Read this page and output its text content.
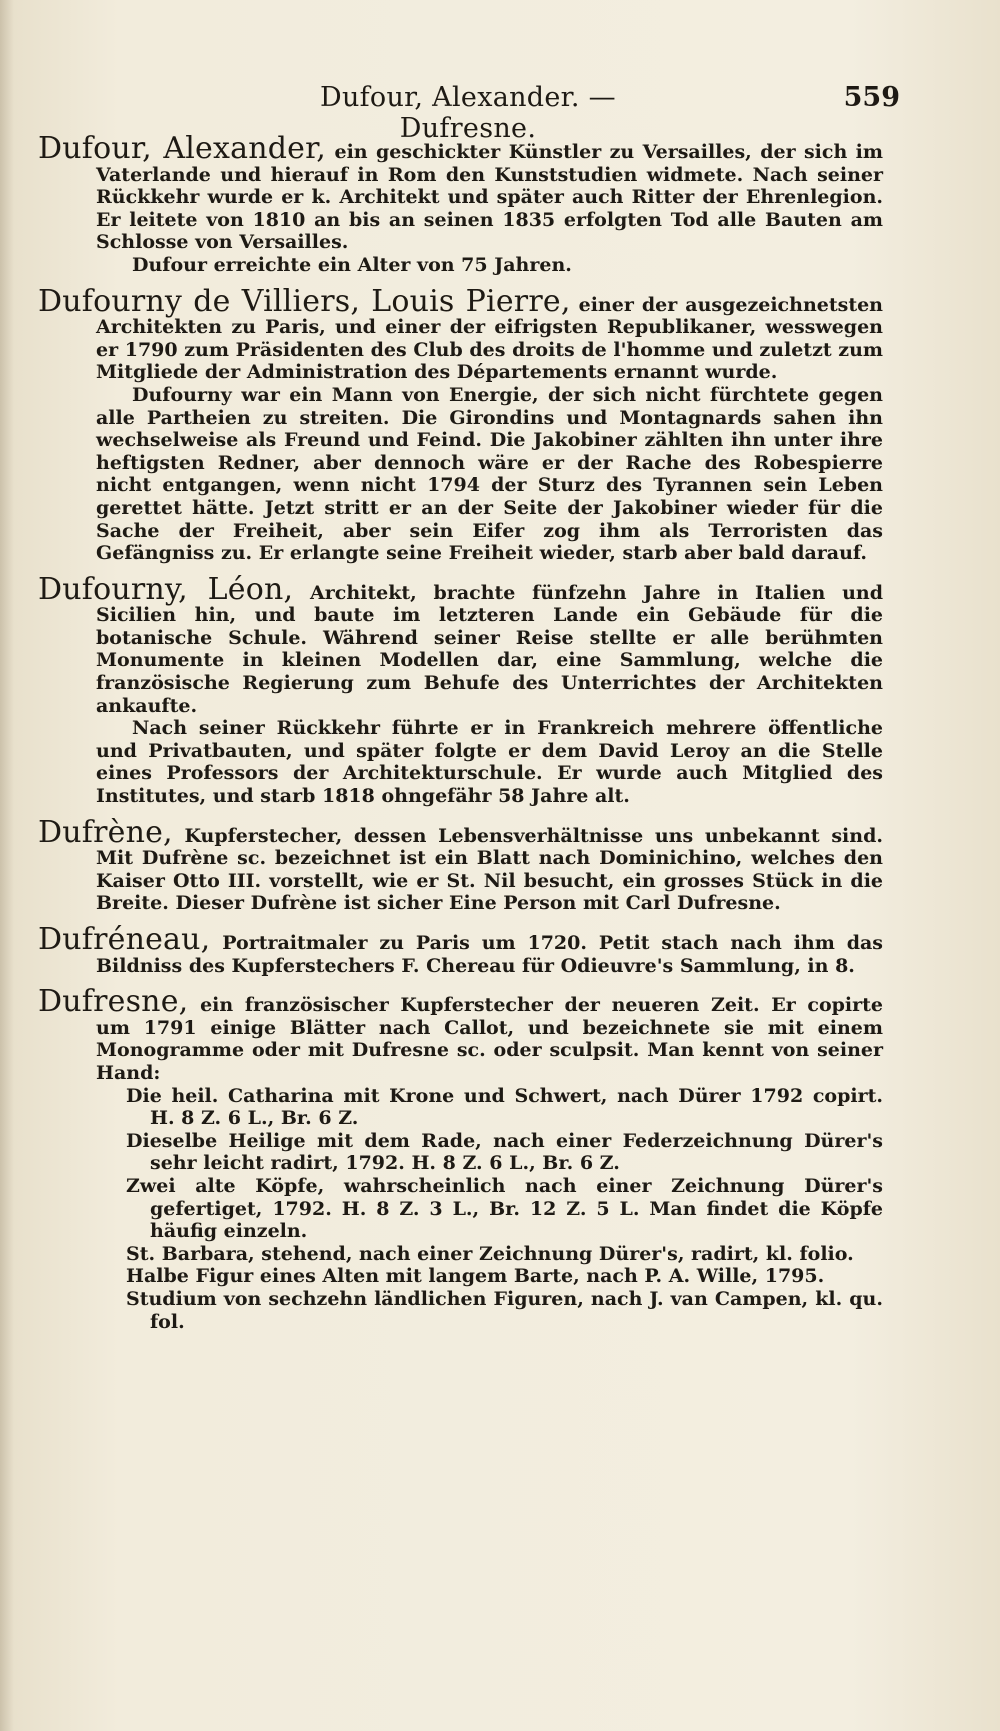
Dufour, Alexander. — Dufresne.
559

Dufour, Alexander, ein geschickter Künstler zu Versailles, der sich im Vaterlande und hierauf in Rom den Kunststudien widmete. Nach seiner Rückkehr wurde er k. Architekt und später auch Ritter der Ehrenlegion. Er leitete von 1810 an bis an seinen 1835 erfolgten Tod alle Bauten am Schlosse von Versailles.

Dufour erreichte ein Alter von 75 Jahren.

Dufourny de Villiers, Louis Pierre, einer der ausgezeichnetsten Architekten zu Paris, und einer der eifrigsten Republikaner, wesswegen er 1790 zum Präsidenten des Club des droits de l'homme und zuletzt zum Mitgliede der Administration des Départements ernannt wurde.

Dufourny war ein Mann von Energie, der sich nicht fürchtete gegen alle Partheien zu streiten. Die Girondins und Montagnards sahen ihn wechselweise als Freund und Feind. Die Jakobiner zählten ihn unter ihre heftigsten Redner, aber dennoch wäre er der Rache des Robespierre nicht entgangen, wenn nicht 1794 der Sturz des Tyrannen sein Leben gerettet hätte. Jetzt stritt er an der Seite der Jakobiner wieder für die Sache der Freiheit, aber sein Eifer zog ihm als Terroristen das Gefängniss zu. Er erlangte seine Freiheit wieder, starb aber bald darauf.

Dufourny, Léon, Architekt, brachte fünfzehn Jahre in Italien und Sicilien hin, und baute im letzteren Lande ein Gebäude für die botanische Schule. Während seiner Reise stellte er alle berühmten Monumente in kleinen Modellen dar, eine Sammlung, welche die französische Regierung zum Behufe des Unterrichtes der Architekten ankaufte.

Nach seiner Rückkehr führte er in Frankreich mehrere öffentliche und Privatbauten, und später folgte er dem David Leroy an die Stelle eines Professors der Architekturschule. Er wurde auch Mitglied des Institutes, und starb 1818 ohngefähr 58 Jahre alt.

Dufrène, Kupferstecher, dessen Lebensverhältnisse uns unbekannt sind. Mit Dufrène sc. bezeichnet ist ein Blatt nach Dominichino, welches den Kaiser Otto III. vorstellt, wie er St. Nil besucht, ein grosses Stück in die Breite. Dieser Dufrène ist sicher Eine Person mit Carl Dufresne.

Dufréneau, Portraitmaler zu Paris um 1720. Petit stach nach ihm das Bildniss des Kupferstechers F. Chereau für Odieuvre's Sammlung, in 8.

Dufresne, ein französischer Kupferstecher der neueren Zeit. Er copirte um 1791 einige Blätter nach Callot, und bezeichnete sie mit einem Monogramme oder mit Dufresne sc. oder sculpsit. Man kennt von seiner Hand:

Die heil. Catharina mit Krone und Schwert, nach Dürer 1792 copirt. H. 8 Z. 6 L., Br. 6 Z.

Dieselbe Heilige mit dem Rade, nach einer Federzeichnung Dürer's sehr leicht radirt, 1792. H. 8 Z. 6 L., Br. 6 Z.

Zwei alte Köpfe, wahrscheinlich nach einer Zeichnung Dürer's gefertiget, 1792. H. 8 Z. 3 L., Br. 12 Z. 5 L. Man findet die Köpfe häufig einzeln.

St. Barbara, stehend, nach einer Zeichnung Dürer's, radirt, kl. folio.

Halbe Figur eines Alten mit langem Barte, nach P. A. Wille, 1795.

Studium von sechzehn ländlichen Figuren, nach J. van Campen, kl. qu. fol.
